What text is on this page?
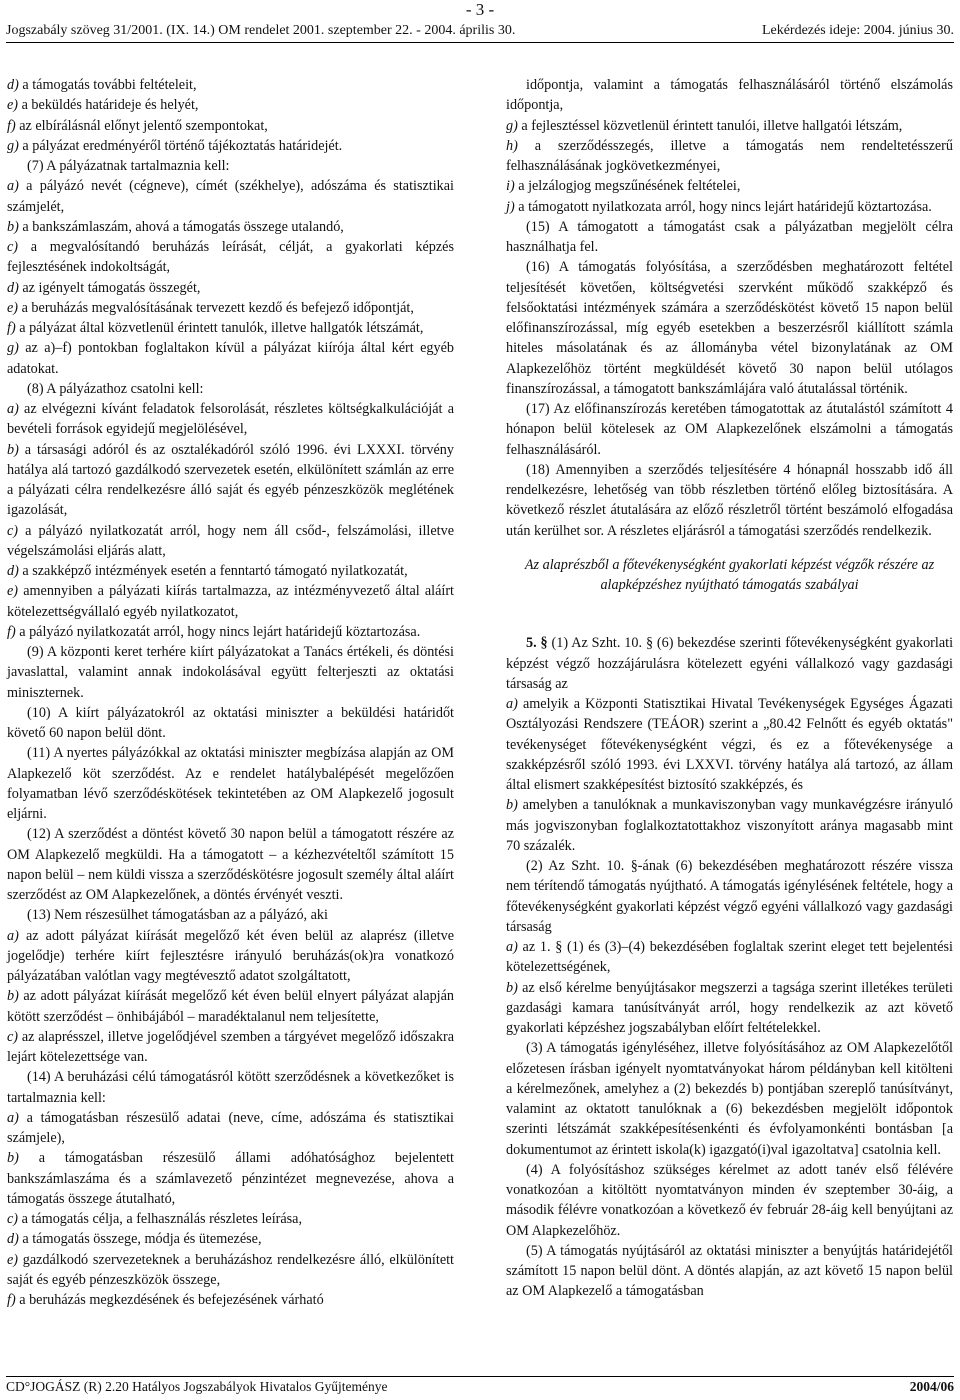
- 3 -
Jogszabály szöveg 31/2001. (IX. 14.) OM rendelet 2001. szeptember 22. - 2004. április 30.	Lekérdezés ideje: 2004. június 30.

d) a támogatás további feltételeit,

e) a beküldés határideje és helyét,

f) az elbírálásnál előnyt jelentő szempontokat,

g) a pályázat eredményéről történő tájékoztatás határidejét.

(7) A pályázatnak tartalmaznia kell:

a) a pályázó nevét (cégneve), címét (székhelye), adószáma és statisztikai számjelét,

b) a bankszámlaszám, ahová a támogatás összege utalandó,

c) a megvalósítandó beruházás leírását, célját, a gyakorlati képzés fejlesztésének indokoltságát,

d) az igényelt támogatás összegét,

e) a beruházás megvalósításának tervezett kezdő és befejező időpontját,

f) a pályázat által közvetlenül érintett tanulók, illetve hallgatók létszámát,

g) az a)–f) pontokban foglaltakon kívül a pályázat kiírója által kért egyéb adatokat.

(8) A pályázathoz csatolni kell:

a) az elvégezni kívánt feladatok felsorolását, részletes költségkalkulációját a bevételi források egyidejű megjelölésével,

b) a társasági adóról és az osztalékadóról szóló 1996. évi LXXXI. törvény hatálya alá tartozó gazdálkodó szervezetek esetén, elkülönített számlán az erre a pályázati célra rendelkezésre álló saját és egyéb pénzeszközök meglétének igazolását,

c) a pályázó nyilatkozatát arról, hogy nem áll csőd-, felszámolási, illetve végelszámolási eljárás alatt,

d) a szakképző intézmények esetén a fenntartó támogató nyilatkozatát,

e) amennyiben a pályázati kiírás tartalmazza, az intézményvezető által aláírt kötelezettségvállaló egyéb nyilatkozatot,

f) a pályázó nyilatkozatát arról, hogy nincs lejárt határidejű köztartozása.

(9) A központi keret terhére kiírt pályázatokat a Tanács értékeli, és döntési javaslattal, valamint annak indokolásával együtt felterjeszti az oktatási miniszternek.

(10) A kiírt pályázatokról az oktatási miniszter a beküldési határidőt követő 60 napon belül dönt.

(11) A nyertes pályázókkal az oktatási miniszter megbízása alapján az OM Alapkezelő köt szerződést. Az e rendelet hatálybalépését megelőzően folyamatban lévő szerződéskötések tekintetében az OM Alapkezelő jogosult eljárni.

(12) A szerződést a döntést követő 30 napon belül a támogatott részére az OM Alapkezelő megküldi. Ha a támogatott – a kézhezvételtől számított 15 napon belül – nem küldi vissza a szerződéskötésre jogosult személy által aláírt szerződést az OM Alapkezelőnek, a döntés érvényét veszti.

(13) Nem részesülhet támogatásban az a pályázó, aki

a) az adott pályázat kiírását megelőző két éven belül az alaprész (illetve jogelődje) terhére kiírt fejlesztésre irányuló beruházás(ok)ra vonatkozó pályázatában valótlan vagy megtévesztő adatot szolgáltatott,

b) az adott pályázat kiírását megelőző két éven belül elnyert pályázat alapján kötött szerződést – önhibájából – maradéktalanul nem teljesítette,

c) az alaprésszel, illetve jogelődjével szemben a tárgyévet megelőző időszakra lejárt kötelezettsége van.

(14) A beruházási célú támogatásról kötött szerződésnek a következőket is tartalmaznia kell:

a) a támogatásban részesülő adatai (neve, címe, adószáma és statisztikai számjele),

b) a támogatásban részesülő állami adóhatósághoz bejelentett bankszámlaszáma és a számlavezető pénzintézet megnevezése, ahova a támogatás összege átutalható,

c) a támogatás célja, a felhasználás részletes leírása,

d) a támogatás összege, módja és ütemezése,

e) gazdálkodó szervezeteknek a beruházáshoz rendelkezésre álló, elkülönített saját és egyéb pénzeszközök összege,

f) a beruházás megkezdésének és befejezésének várható

időpontja, valamint a támogatás felhasználásáról történő elszámolás időpontja,

g) a fejlesztéssel közvetlenül érintett tanulói, illetve hallgatói létszám,

h) a szerződésszegés, illetve a támogatás nem rendeltetésszerű felhasználásának jogkövetkezményei,

i) a jelzálogjog megszűnésének feltételei,

j) a támogatott nyilatkozata arról, hogy nincs lejárt határidejű köztartozása.

(15) A támogatott a támogatást csak a pályázatban megjelölt célra használhatja fel.

(16) A támogatás folyósítása, a szerződésben meghatározott feltétel teljesítését követően, költségvetési szervként működő szakképző és felsőoktatási intézmények számára a szerződéskötést követő 15 napon belül előfinanszírozással, míg egyéb esetekben a beszerzésről kiállított számla hiteles másolatának és az állományba vétel bizonylatának az OM Alapkezelőhöz történt megküldését követő 30 napon belül utólagos finanszírozással, a támogatott bankszámlájára való átutalással történik.

(17) Az előfinanszírozás keretében támogatottak az átutalástól számított 4 hónapon belül kötelesek az OM Alapkezelőnek elszámolni a támogatás felhasználásáról.

(18) Amennyiben a szerződés teljesítésére 4 hónapnál hosszabb idő áll rendelkezésre, lehetőség van több részletben történő előleg biztosítására. A következő részlet átutalására az előző részletről történt beszámoló elfogadása után kerülhet sor. A részletes eljárásról a támogatási szerződés rendelkezik.

Az alaprészből a főtevékenységként gyakorlati képzést végzők részére az alapképzéshez nyújtható támogatás szabályai

5. § (1) Az Szht. 10. § (6) bekezdése szerinti főtevékenységként gyakorlati képzést végző hozzájárulásra kötelezett egyéni vállalkozó vagy gazdasági társaság az

a) amelyik a Központi Statisztikai Hivatal Tevékenységek Egységes Ágazati Osztályozási Rendszere (TEÁOR) szerint a „80.42 Felnőtt és egyéb oktatás" tevékenységet főtevékenységként végzi, és ez a főtevékenysége a szakképzésről szóló 1993. évi LXXVI. törvény hatálya alá tartozó, az állam által elismert szakképesítést biztosító szakképzés, és

b) amelyben a tanulóknak a munkaviszonyban vagy munkavégzésre irányuló más jogviszonyban foglalkoztatottakhoz viszonyított aránya magasabb mint 70 százalék.

(2) Az Szht. 10. §-ának (6) bekezdésében meghatározott részére vissza nem térítendő támogatás nyújtható. A támogatás igénylésének feltétele, hogy a főtevékenységként gyakorlati képzést végző egyéni vállalkozó vagy gazdasági társaság

a) az 1. § (1) és (3)–(4) bekezdésében foglaltak szerint eleget tett bejelentési kötelezettségének,

b) az első kérelme benyújtásakor megszerzi a tagsága szerint illetékes területi gazdasági kamara tanúsítványát arról, hogy rendelkezik az azt követő gyakorlati képzéshez jogszabályban előírt feltételekkel.

(3) A támogatás igényléséhez, illetve folyósításához az OM Alapkezelőtől előzetesen írásban igényelt nyomtatványokat három példányban kell kitölteni a kérelmezőnek, amelyhez a (2) bekezdés b) pontjában szereplő tanúsítványt, valamint az oktatott tanulóknak a (6) bekezdésben megjelölt időpontok szerinti létszámát szakképesítésenkénti és évfolyamonkénti bontásban [a dokumentumot az érintett iskola(k) igazgató(i)val igazoltatva] csatolnia kell.

(4) A folyósításhoz szükséges kérelmet az adott tanév első félévére vonatkozóan a kitöltött nyomtatványon minden év szeptember 30-áig, a második félévre vonatkozóan a következő év február 28-áig kell benyújtani az OM Alapkezelőhöz.

(5) A támogatás nyújtásáról az oktatási miniszter a benyújtás határidejétől számított 15 napon belül dönt. A döntés alapján, az azt követő 15 napon belül az OM Alapkezelő a támogatásban

CD°JOGÁSZ (R) 2.20 Hatályos Jogszabályok Hivatalos Gyűjteménye	2004/06
